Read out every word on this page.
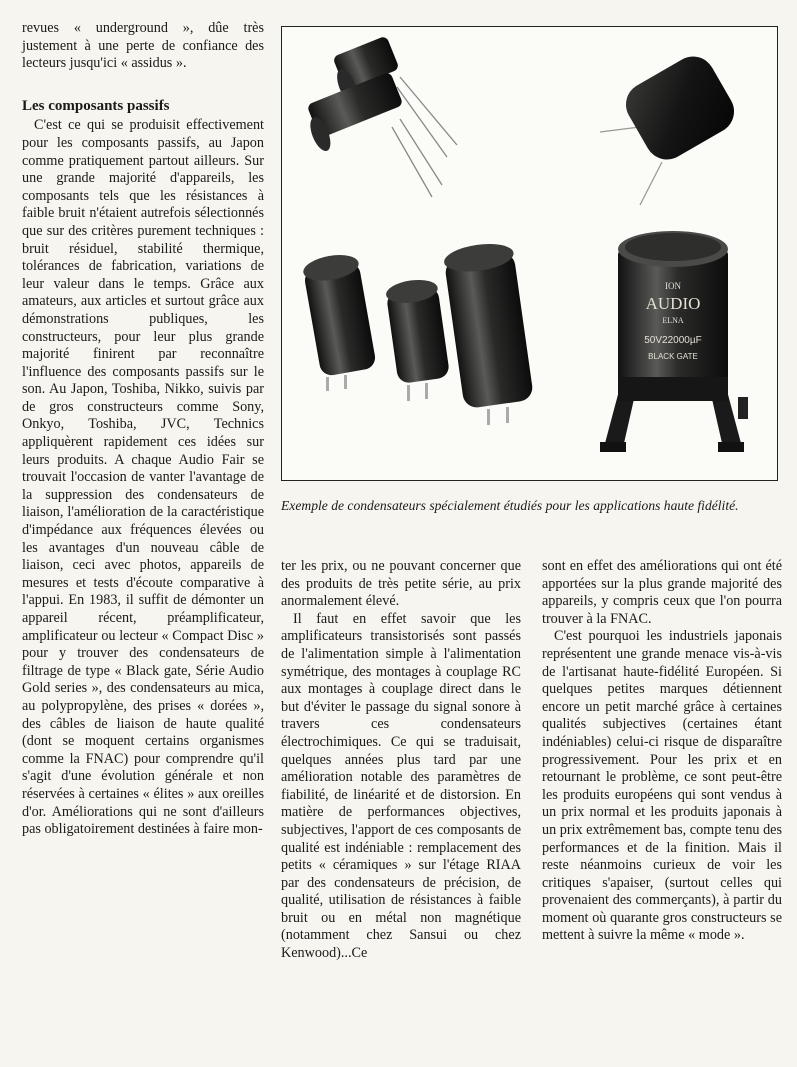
revues « underground », dûe très justement à une perte de confiance des lecteurs jusqu'ici « assidus ».

Les composants passifs

C'est ce qui se produisit effectivement pour les composants passifs, au Japon comme pratiquement partout ailleurs. Sur une grande majorité d'appareils, les composants tels que les résistances à faible bruit n'étaient autrefois sélectionnés que sur des critères purement techniques : bruit résiduel, stabilité thermique, tolérances de fabrication, variations de leur valeur dans le temps. Grâce aux amateurs, aux articles et surtout grâce aux démonstrations publiques, les constructeurs, pour leur plus grande majorité finirent par reconnaître l'influence des composants passifs sur le son. Au Japon, Toshiba, Nikko, suivis par de gros constructeurs comme Sony, Onkyo, Toshiba, JVC, Technics appliquèrent rapidement ces idées sur leurs produits. A chaque Audio Fair se trouvait l'occasion de vanter l'avantage de la suppression des condensateurs de liaison, l'amélioration de la caractéristique d'impédance aux fréquences élevées ou les avantages d'un nouveau câble de liaison, ceci avec photos, appareils de mesures et tests d'écoute comparative à l'appui. En 1983, il suffit de démonter un appareil récent, préamplificateur, amplificateur ou lecteur « Compact Disc » pour y trouver des condensateurs de filtrage de type « Black gate, Série Audio Gold series », des condensateurs au mica, au polypropylène, des prises « dorées », des câbles de liaison de haute qualité (dont se moquent certains organismes comme la FNAC) pour comprendre qu'il s'agit d'une évolution générale et non réservées à certaines « élites » aux oreilles d'or. Améliorations qui ne sont d'ailleurs pas obligatoirement destinées à faire mon-

ION
AUDIO
ELNA
50V22000µF
BLACK GATE
Exemple de condensateurs spécialement étudiés pour les applications haute fidélité.

ter les prix, ou ne pouvant concerner que des produits de très petite série, au prix anormalement élevé.

Il faut en effet savoir que les amplificateurs transistorisés sont passés de l'alimentation simple à l'alimentation symétrique, des montages à couplage RC aux montages à couplage direct dans le but d'éviter le passage du signal sonore à travers ces condensateurs électrochimiques. Ce qui se traduisait, quelques années plus tard par une amélioration notable des paramètres de fiabilité, de linéarité et de distorsion. En matière de performances objectives, subjectives, l'apport de ces composants de qualité est indéniable : remplacement des petits « céramiques » sur l'étage RIAA par des condensateurs de précision, de qualité, utilisation de résistances à faible bruit ou en métal non magnétique (notamment chez Sansui ou chez Kenwood)...Ce

sont en effet des améliorations qui ont été apportées sur la plus grande majorité des appareils, y compris ceux que l'on pourra trouver à la FNAC.

C'est pourquoi les industriels japonais représentent une grande menace vis-à-vis de l'artisanat haute-fidélité Européen. Si quelques petites marques détiennent encore un petit marché grâce à certaines qualités subjectives (certaines étant indéniables) celui-ci risque de disparaître progressivement. Pour les prix et en retournant le problème, ce sont peut-être les produits européens qui sont vendus à un prix normal et les produits japonais à un prix extrêmement bas, compte tenu des performances et de la finition. Mais il reste néanmoins curieux de voir les critiques s'apaiser, (surtout celles qui provenaient des commerçants), à partir du moment où quarante gros constructeurs se mettent à suivre la même « mode ».
